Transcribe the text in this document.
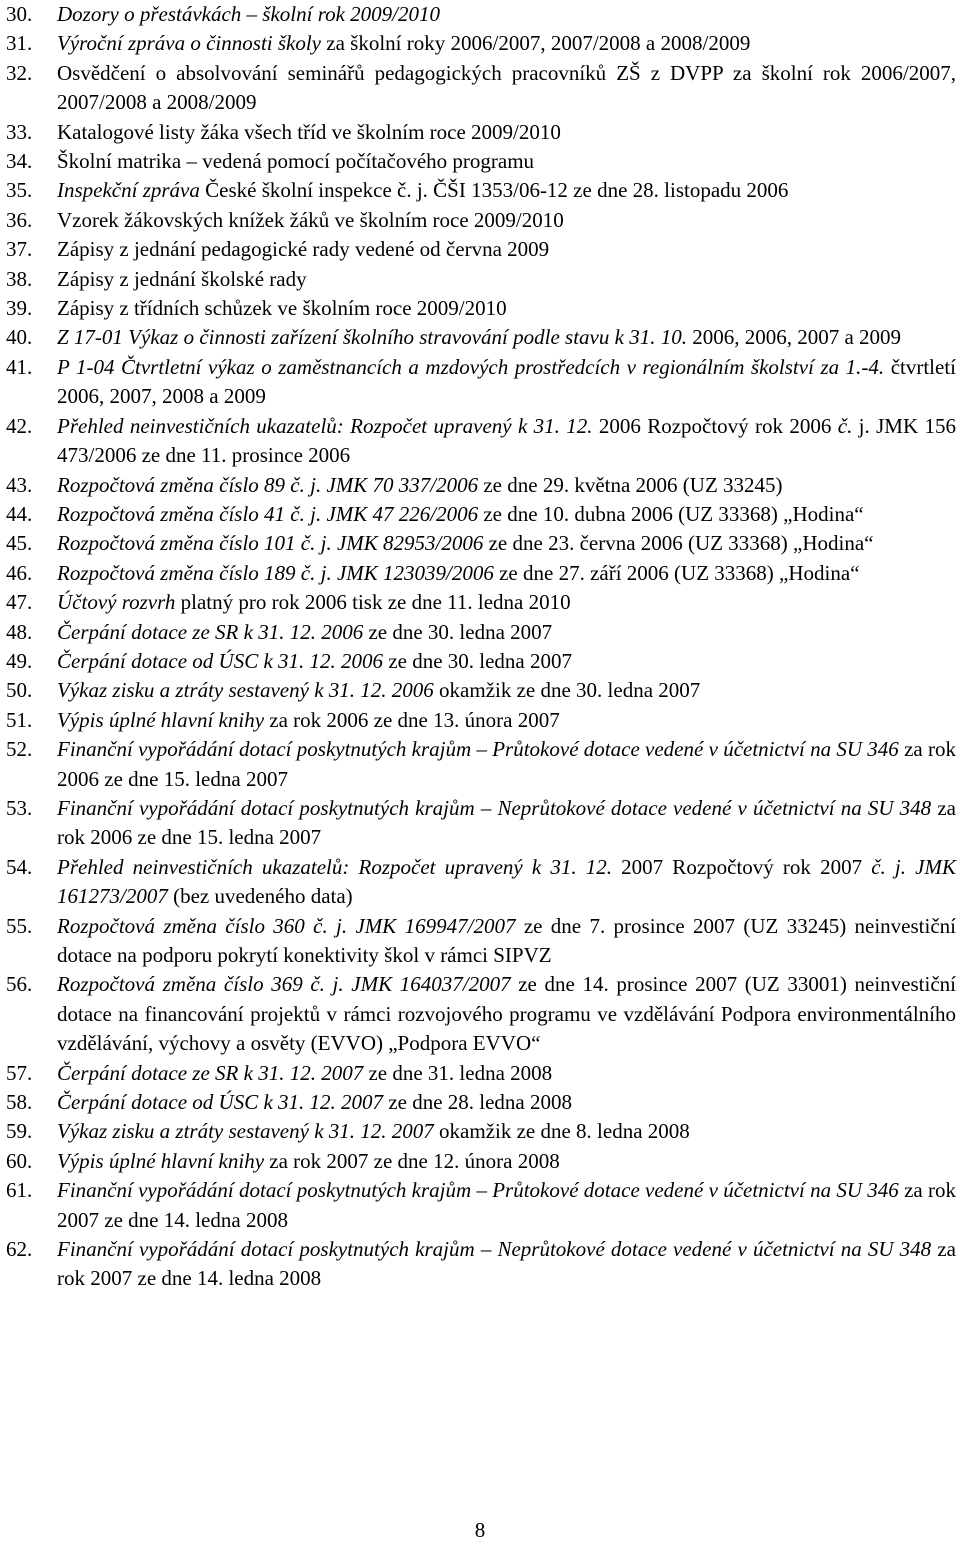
30. Dozory o přestávkách – školní rok 2009/2010
31. Výroční zpráva o činnosti školy za školní roky 2006/2007, 2007/2008 a 2008/2009
32. Osvědčení o absolvování seminářů pedagogických pracovníků ZŠ z DVPP za školní rok 2006/2007, 2007/2008 a 2008/2009
33. Katalogové listy žáka všech tříd ve školním roce 2009/2010
34. Školní matrika – vedená pomocí počítačového programu
35. Inspekční zpráva České školní inspekce č. j. ČŠI 1353/06-12 ze dne 28. listopadu 2006
36. Vzorek žákovských knížek žáků ve školním roce 2009/2010
37. Zápisy z jednání pedagogické rady vedené od června 2009
38. Zápisy z jednání školské rady
39. Zápisy z třídních schůzek ve školním roce 2009/2010
40. Z 17-01 Výkaz o činnosti zařízení školního stravování podle stavu k 31. 10. 2006, 2006, 2007 a 2009
41. P 1-04 Čtvrtletní výkaz o zaměstnancích a mzdových prostředcích v regionálním školství za 1.-4. čtvrtletí 2006, 2007, 2008 a 2009
42. Přehled neinvestičních ukazatelů: Rozpočet upravený k 31. 12. 2006 Rozpočtový rok 2006 č. j. JMK 156 473/2006 ze dne 11. prosince 2006
43. Rozpočtová změna číslo 89 č. j. JMK 70 337/2006 ze dne 29. května 2006 (UZ 33245)
44. Rozpočtová změna číslo 41 č. j. JMK 47 226/2006 ze dne 10. dubna 2006 (UZ 33368) „Hodina“
45. Rozpočtová změna číslo 101 č. j. JMK 82953/2006 ze dne 23. června 2006 (UZ 33368) „Hodina“
46. Rozpočtová změna číslo 189 č. j. JMK 123039/2006 ze dne 27. září 2006 (UZ 33368) „Hodina“
47. Účtový rozvrh platný pro rok 2006 tisk ze dne 11. ledna 2010
48. Čerpání dotace ze SR k 31. 12. 2006 ze dne 30. ledna 2007
49. Čerpání dotace od ÚSC k 31. 12. 2006 ze dne 30. ledna 2007
50. Výkaz zisku a ztráty sestavený k 31. 12. 2006 okamžik ze dne 30. ledna 2007
51. Výpis úplné hlavní knihy za rok 2006 ze dne 13. února 2007
52. Finanční vypořádání dotací poskytnutých krajům – Průtokové dotace vedené v účetnictví na SU 346 za rok 2006 ze dne 15. ledna 2007
53. Finanční vypořádání dotací poskytnutých krajům – Neprůtokové dotace vedené v účetnictví na SU 348 za rok 2006 ze dne 15. ledna 2007
54. Přehled neinvestičních ukazatelů: Rozpočet upravený k 31. 12. 2007 Rozpočtový rok 2007 č. j. JMK 161273/2007 (bez uvedeného data)
55. Rozpočtová změna číslo 360 č. j. JMK 169947/2007 ze dne 7. prosince 2007 (UZ 33245) neinvestiční dotace na podporu pokrytí konektivity škol v rámci SIPVZ
56. Rozpočtová změna číslo 369 č. j. JMK 164037/2007 ze dne 14. prosince 2007 (UZ 33001) neinvestiční dotace na financování projektů v rámci rozvojového programu ve vzdělávání Podpora environmentálního vzdělávání, výchovy a osvěty (EVVO) „Podpora EVVO“
57. Čerpání dotace ze SR k 31. 12. 2007 ze dne 31. ledna 2008
58. Čerpání dotace od ÚSC k 31. 12. 2007 ze dne 28. ledna 2008
59. Výkaz zisku a ztráty sestavený k 31. 12. 2007 okamžik ze dne 8. ledna 2008
60. Výpis úplné hlavní knihy za rok 2007 ze dne 12. února 2008
61. Finanční vypořádání dotací poskytnutých krajům – Průtokové dotace vedené v účetnictví na SU 346 za rok 2007 ze dne 14. ledna 2008
62. Finanční vypořádání dotací poskytnutých krajům – Neprůtokové dotace vedené v účetnictví na SU 348 za rok 2007 ze dne 14. ledna 2008
8
